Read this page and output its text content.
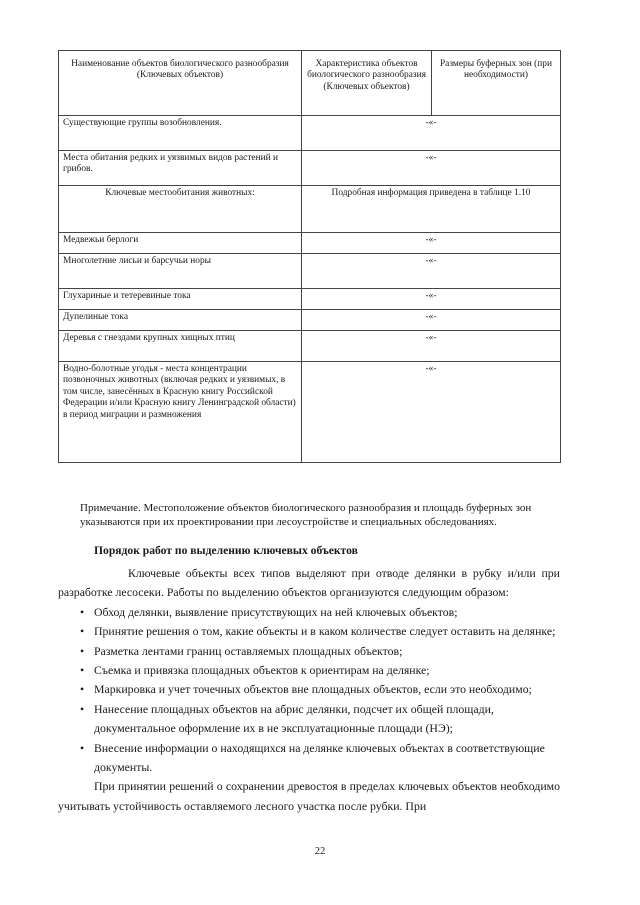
Наименование объектов биологического разнообразия (Ключевых объектов)	Характеристика объектов биологического разнообразия (Ключевых объектов)	Размеры буферных зон (при необходимости)
Существующие группы возобновления.	-«-	
Места обитания редких и уязвимых видов растений и грибов.	-«-	
Ключевые местообитания животных:	Подробная информация приведена в таблице 1.10	
Медвежьи берлоги	-«-	
Многолетние лисьи и барсучьи норы	-«-	
Глухариные и тетеревиные тока	-«-	
Дупелиные тока	-«-	
Деревья с гнездами крупных хищных птиц	-«-	
Водно-болотные угодья - места концентрации позвоночных животных (включая редких и уязвимых, в том числе, занесённых в Красную книгу Российской Федерации и/или Красную книгу Ленинградской области) в период миграции и размножения	-«-	

Примечание. Местоположение объектов биологического разнообразия и площадь буферных зон указываются при их проектировании при лесоустройстве и специальных обследованиях.

Порядок работ по выделению ключевых объектов

Ключевые объекты всех типов выделяют при отводе делянки в рубку и/или при разработке лесосеки. Работы по выделению объектов организуются следующим образом:

• Обход делянки, выявление присутствующих на ней ключевых объектов;
• Принятие решения о том, какие объекты и в каком количестве следует оставить на делянке;
• Разметка лентами границ оставляемых площадных объектов;
• Съемка и привязка площадных объектов к ориентирам на делянке;
• Маркировка и учет точечных объектов вне площадных объектов, если это необходимо;
• Нанесение площадных объектов на абрис делянки, подсчет их общей площади, документальное оформление их в не эксплуатационные площади (НЭ);
• Внесение информации о находящихся на делянке ключевых объектах в соответствующие документы.

При принятии решений о сохранении древостоя в пределах ключевых объектов необходимо учитывать устойчивость оставляемого лесного участка после рубки. При

22
